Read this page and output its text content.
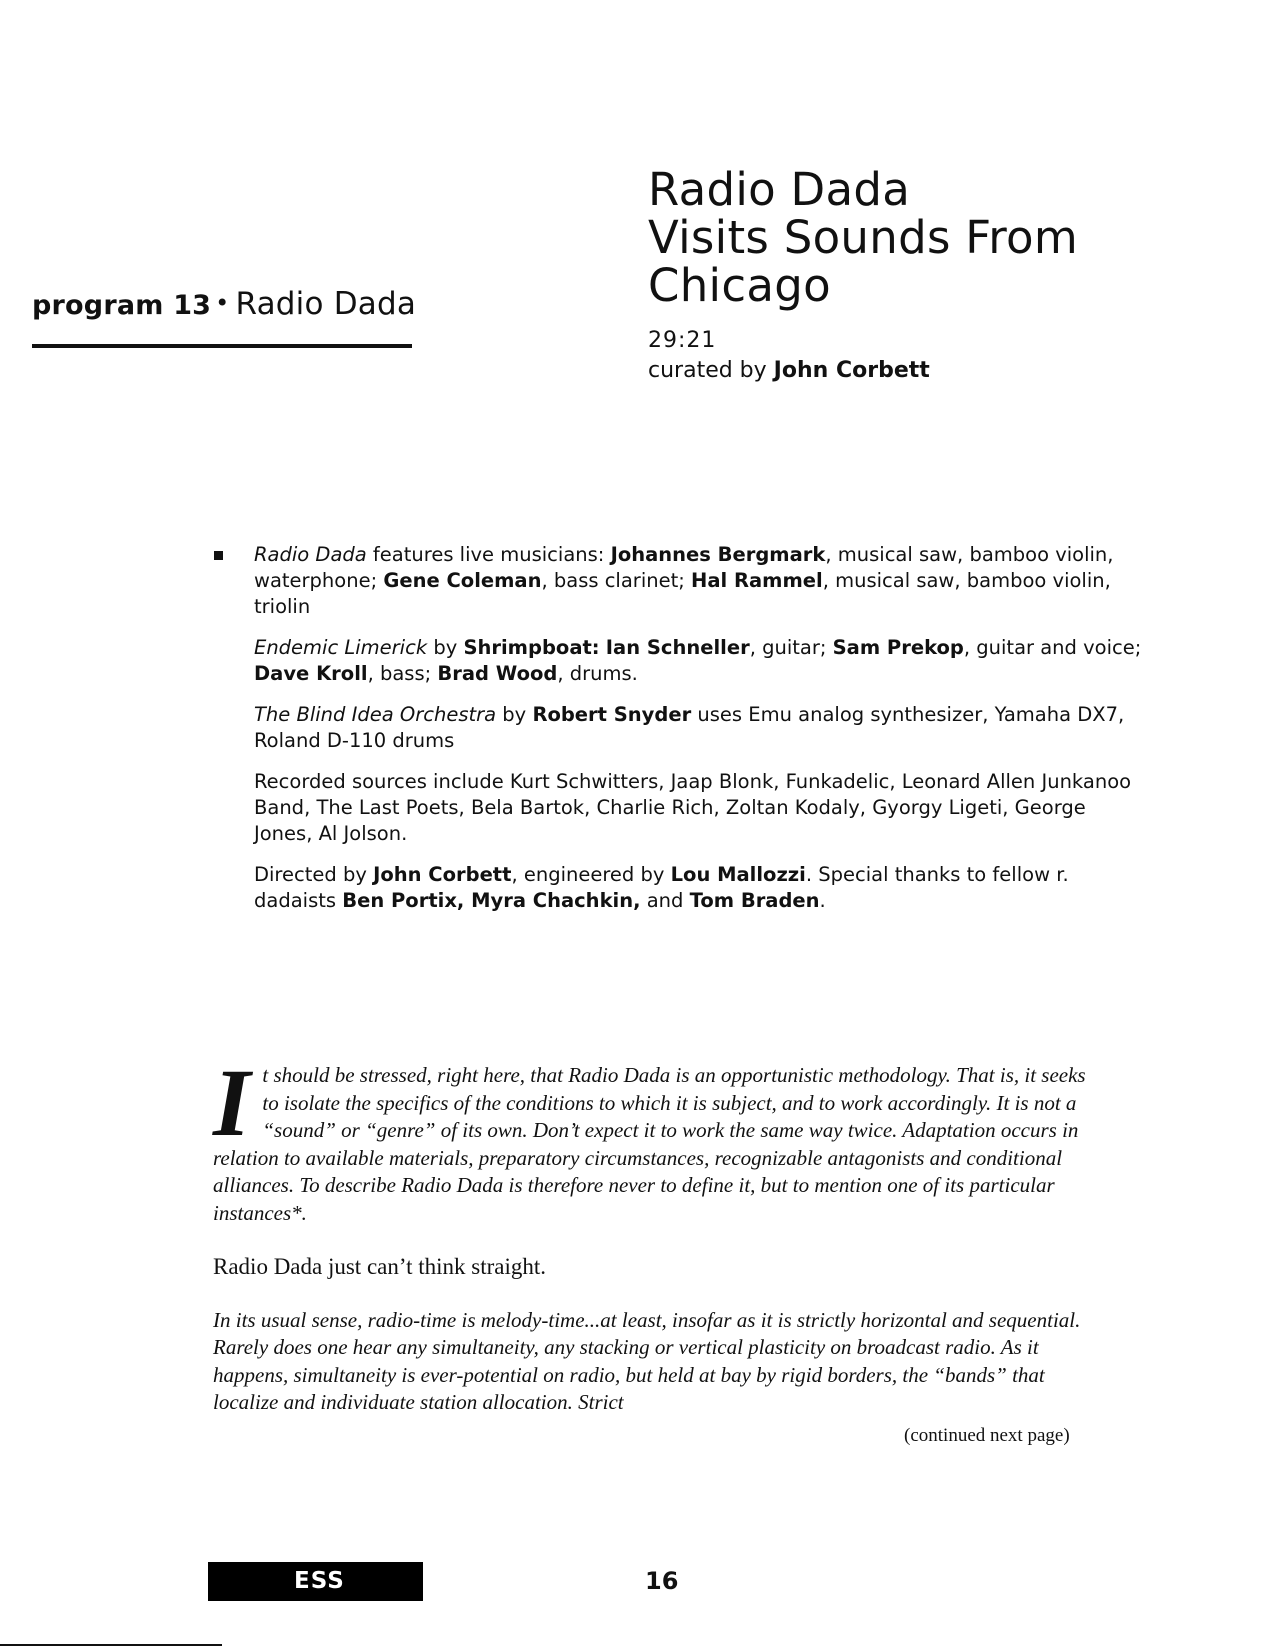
program 13 • Radio Dada
Radio Dada
Visits Sounds From
Chicago
29:21
curated by John Corbett
Radio Dada features live musicians: Johannes Bergmark, musical saw, bamboo violin, waterphone; Gene Coleman, bass clarinet; Hal Rammel, musical saw, bamboo violin, triolin
Endemic Limerick by Shrimpboat: Ian Schneller, guitar; Sam Prekop, guitar and voice; Dave Kroll, bass; Brad Wood, drums.
The Blind Idea Orchestra by Robert Snyder uses Emu analog synthesizer, Yamaha DX7, Roland D-110 drums
Recorded sources include Kurt Schwitters, Jaap Blonk, Funkadelic, Leonard Allen Junkanoo Band, The Last Poets, Bela Bartok, Charlie Rich, Zoltan Kodaly, Gyorgy Ligeti, George Jones, Al Jolson.
Directed by John Corbett, engineered by Lou Mallozzi. Special thanks to fellow r. dadaists Ben Portix, Myra Chachkin, and Tom Braden.

It should be stressed, right here, that Radio Dada is an opportunistic methodology. That is, it seeks to isolate the specifics of the conditions to which it is subject, and to work accordingly. It is not a “sound” or “genre” of its own. Don’t expect it to work the same way twice. Adaptation occurs in relation to available materials, preparatory circumstances, recognizable antagonists and conditional alliances. To describe Radio Dada is therefore never to define it, but to mention one of its particular instances*.

Radio Dada just can’t think straight.

In its usual sense, radio-time is melody-time...at least, insofar as it is strictly horizontal and sequential. Rarely does one hear any simultaneity, any stacking or vertical plasticity on broadcast radio. As it happens, simultaneity is ever-potential on radio, but held at bay by rigid borders, the “bands” that localize and individuate station allocation. Strict

(continued next page)
ESS	16
